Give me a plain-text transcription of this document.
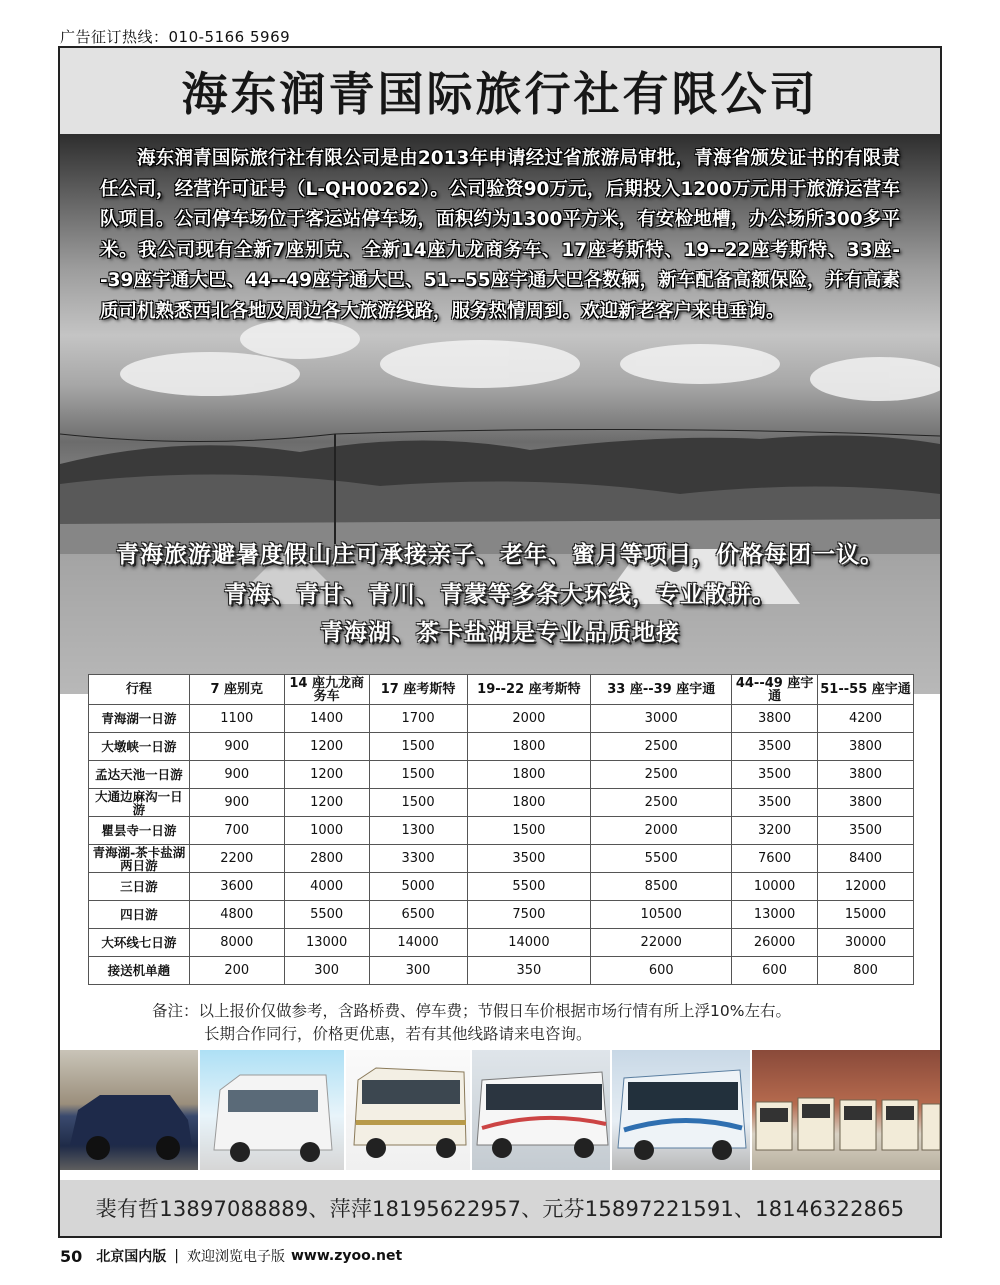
广告征订热线：010-5166 5969
海东润青国际旅行社有限公司

海东润青国际旅行社有限公司是由2013年申请经过省旅游局审批，青海省颁发证书的有限责任公司，经营许可证号（L-QH00262）。公司验资90万元，后期投入1200万元用于旅游运营车队项目。公司停车场位于客运站停车场，面积约为1300平方米，有安检地槽，办公场所300多平米。我公司现有全新7座别克、全新14座九龙商务车、17座考斯特、19--22座考斯特、33座--39座宇通大巴、44--49座宇通大巴、51--55座宇通大巴各数辆，新车配备高额保险，并有高素质司机熟悉西北各地及周边各大旅游线路，服务热情周到。欢迎新老客户来电垂询。

青海旅游避暑度假山庄可承接亲子、老年、蜜月等项目，价格每团一议。
青海、青甘、青川、青蒙等多条大环线，专业散拼。
青海湖、茶卡盐湖是专业品质地接
行程	7 座别克	14 座九龙商务车	17 座考斯特	19--22 座考斯特	33 座--39 座宇通	44--49 座宇通	51--55 座宇通
青海湖一日游	1100	1400	1700	2000	3000	3800	4200
大墩峡一日游	900	1200	1500	1800	2500	3500	3800
孟达天池一日游	900	1200	1500	1800	2500	3500	3800
大通边麻沟一日游	900	1200	1500	1800	2500	3500	3800
瞿昙寺一日游	700	1000	1300	1500	2000	3200	3500
青海湖-茶卡盐湖两日游	2200	2800	3300	3500	5500	7600	8400
三日游	3600	4000	5000	5500	8500	10000	12000
四日游	4800	5500	6500	7500	10500	13000	15000
大环线七日游	8000	13000	14000	14000	22000	26000	30000
接送机单趟	200	300	300	350	600	600	800
备注：以上报价仅做参考，含路桥费、停车费；节假日车价根据市场行情有所上浮10%左右。
长期合作同行，价格更优惠，若有其他线路请来电咨询。
裴有哲13897088889、萍萍18195622957、元芬15897221591、18146322865
50 北京国内版 | 欢迎浏览电子版 www.zyoo.net
